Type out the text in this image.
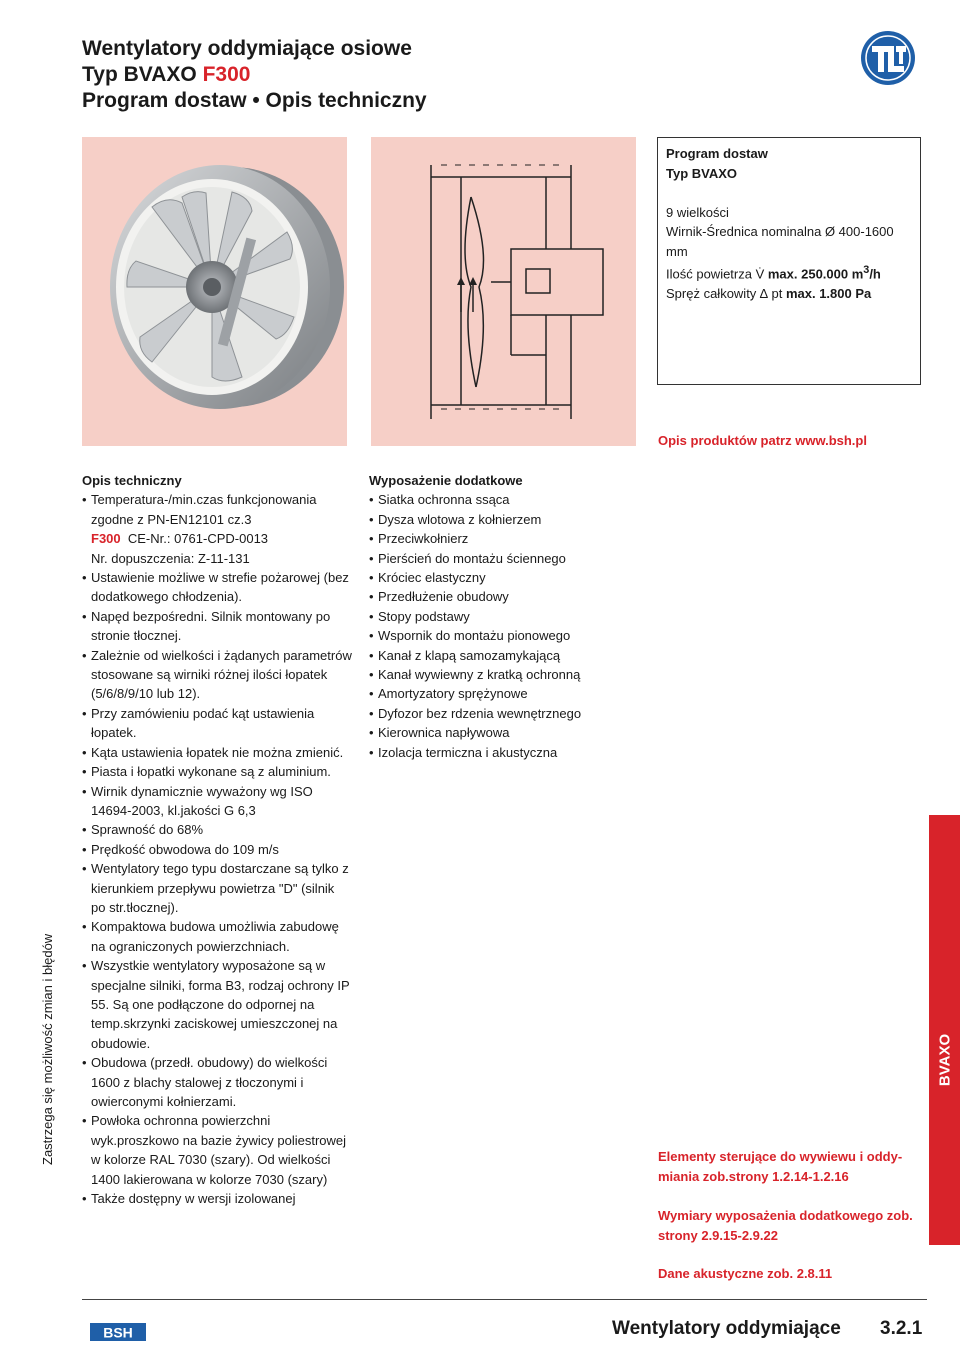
Wentylatory oddymiające osiowe
Typ BVAXO F300
Program dostaw • Opis techniczny
Program dostaw
Typ BVAXO
9 wielkości
Wirnik-Średnica nominalna Ø 400-1600
mm
Ilość powietrza V̇ max. 250.000 $m^3/h$
Spręż całkowity ∆ pt max. 1.800 Pa
Opis produktów patrz www.bsh.pl
Opis techniczny
• Temperatura-/min.czas funkcjonowania
zgodne z PN-EN12101 cz.3
F300  CE-Nr.: 0761-CPD-0013
Nr. dopuszczenia: Z-11-131
• Ustawienie możliwe w strefie pożarowej (bez dodatkowego chłodzenia).
• Napęd bezpośredni. Silnik montowany po stronie tłocznej.
• Zależnie od wielkości i żądanych parametrów stosowane są wirniki różnej ilości łopatek (5/6/8/9/10 lub 12).
• Przy zamówieniu podać kąt ustawienia łopatek.
• Kąta ustawienia łopatek nie można zmienić.
• Piasta i łopatki wykonane są z aluminium.
• Wirnik dynamicznie wyważony wg ISO 14694-2003, kl.jakości G 6,3
• Sprawność do 68%
• Prędkość obwodowa do 109 m/s
• Wentylatory tego typu dostarczane są tylko z kierunkiem przepływu powietrza "D" (silnik po str.tłocznej).
• Kompaktowa budowa umożliwia zabudowę na ograniczonych powierzchniach.
• Wszystkie wentylatory wyposażone są w specjalne silniki, forma B3, rodzaj ochrony IP 55. Są one podłączone do odpornej na temp.skrzynki zaciskowej umieszczonej na obudowie.
• Obudowa (przedł. obudowy) do wielkości 1600 z blachy stalowej z tłoczonymi i owierconymi kołnierzami.
• Powłoka ochronna powierzchni wyk.proszkowo na bazie żywicy poliestrowej w kolorze RAL 7030 (szary). Od wielkości 1400 lakierowana w kolorze 7030 (szary)
• Także dostępny w wersji izolowanej
Wyposażenie dodatkowe
• Siatka ochronna ssąca
• Dysza wlotowa z kołnierzem
• Przeciwkołnierz
• Pierścień do montażu ściennego
• Króciec elastyczny
• Przedłużenie obudowy
• Stopy podstawy
• Wspornik do montażu pionowego
• Kanał z klapą samozamykającą
• Kanał wywiewny z kratką ochronną
• Amortyzatory sprężynowe
• Dyfozor bez rdzenia wewnętrznego
• Kierownica napływowa
• Izolacja termiczna i akustyczna
Zastrzega się możliwość zmian i błędów	BVAXO
Elementy sterujące do wywiewu i oddy-
miania zob.strony 1.2.14-1.2.16
Wymiary wyposażenia dodatkowego zob.
strony 2.9.15-2.9.22
Dane akustyczne zob. 2.8.11
BSH	Wentylatory oddymiające 3.2.1
